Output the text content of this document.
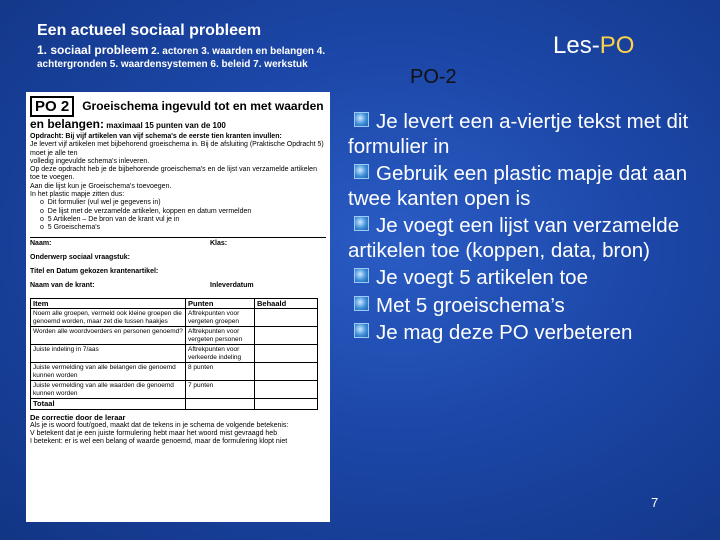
Een actueel sociaal probleem
1. sociaal probleem 2. actoren 3. waarden en belangen 4.
achtergronden 5. waardensystemen 6. beleid 7. werkstuk
Les-PO
PO-2
PO 2	Groeischema ingevuld tot en met waarden
en belangen: maximaal 15 punten van de 100
Opdracht: Bij vijf artikelen van vijf schema's de eerste tien kranten invullen:
Je levert vijf artikelen met bijbehorend groeischema in. Bij de afsluiting (Praktische Opdracht 5) moet je alle ten
volledig ingevulde schema's inleveren.
Op deze opdracht heb je de bijbehorende groeischema's en de lijst van verzamelde artikelen toe te voegen.
Aan die lijst kun je Groeischema's toevoegen.
In het plastic mapje zitten dus:
o  Dit formulier (vul wel je gegevens in)
o  De lijst met de verzamelde artikelen, koppen en datum vermelden
o  5 Artikelen – De bron van de krant vul je in
o  5 Groeischema's
Naam:	Klas:
Onderwerp sociaal vraagstuk:
Titel en Datum gekozen krantenartikel:
Naam van de krant:	Inleverdatum
Item	Punten	Behaald
Noem alle groepen, vermeld ook kleine groepen die genoemd worden, maar zet die tussen haakjes	Aftrekpunten voor vergeten groepen	
Worden alle woordvoerders en personen genoemd?	Aftrekpunten voor vergeten personen	
Juiste indeling in 7/aas	Aftrekpunten voor verkeerde indeling	
Juiste vermelding van alle belangen die genoemd kunnen worden	8 punten	
Juiste vermelding van alle waarden die genoemd kunnen worden	7 punten	
Totaal		
De correctie door de leraar
Als je is woord fout/goed, maakt dat de tekens in je schema de volgende betekenis:
V betekent dat je een juiste formulering hebt maar het woord mist gevraagd heb
I betekent: er is wel een belang of waarde genoemd, maar de formulering klopt niet
Je levert een a-viertje tekst met dit formulier in
Gebruik een plastic mapje dat aan twee kanten open is
Je voegt een lijst van verzamelde artikelen toe (koppen, data, bron)
Je voegt 5 artikelen toe
Met 5 groeischema’s
Je mag deze PO verbeteren
7
